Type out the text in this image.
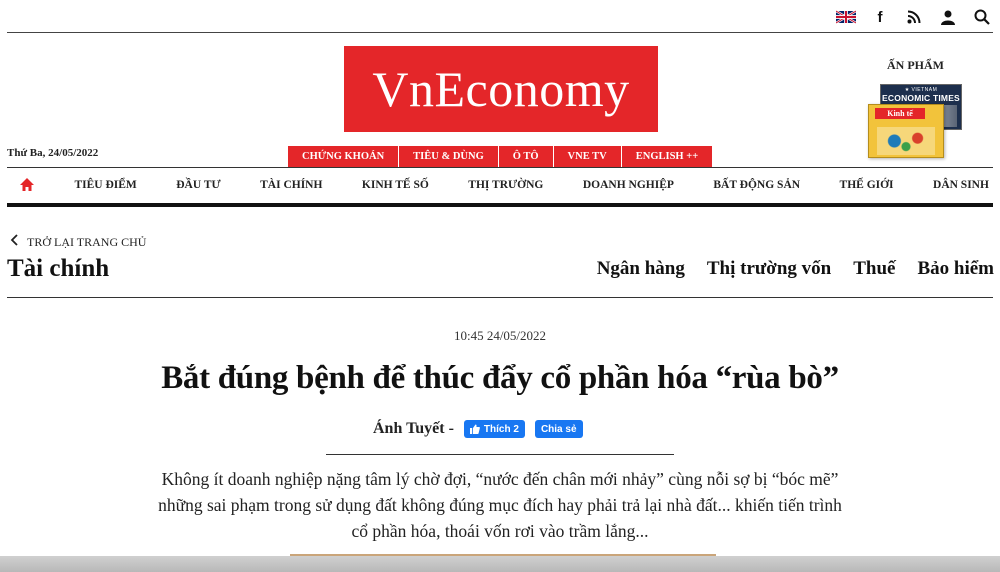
f
VnEconomy
Thứ Ba, 24/05/2022
ẤN PHẨM
★ VIETNAM
ECONOMIC TIMES
Kinh tế
CHỨNG KHOÁN	TIÊU & DÙNG	Ô TÔ	VNE TV	ENGLISH ++
TIÊU ĐIỂM	ĐẦU TƯ	TÀI CHÍNH	KINH TẾ SỐ	THỊ TRƯỜNG	DOANH NGHIỆP	BẤT ĐỘNG SẢN	THẾ GIỚI	DÂN SINH
TRỞ LẠI TRANG CHỦ
Tài chính	Ngân hàng Thị trường vốn Thuế Bảo hiểm
10:45 24/05/2022
Bắt đúng bệnh để thúc đẩy cổ phần hóa “rùa bò”
Ánh Tuyết -	Thích 2 Chia sẻ

Không ít doanh nghiệp nặng tâm lý chờ đợi, “nước đến chân mới nhảy” cùng nỗi sợ bị “bóc mẽ” những sai phạm trong sử dụng đất không đúng mục đích hay phải trả lại nhà đất... khiến tiến trình cổ phần hóa, thoái vốn rơi vào trầm lắng...
